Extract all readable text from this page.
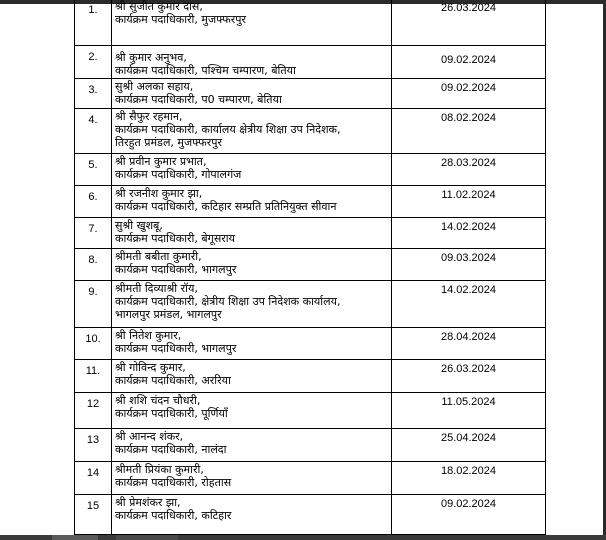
1.	श्री सुजीत कुमार दास,
कार्यक्रम पदाधिकारी, मुजफ्फरपुर	26.03.2024
2.	श्री कुमार अनुभव,
कार्यक्रम पदाधिकारी, पश्चिम चम्पारण, बेतिया	09.02.2024
3.	सुश्री अलका सहाय,
कार्यक्रम पदाधिकारी, प0 चम्पारण, बेतिया	09.02.2024
4.	श्री सैफुर रहमान,
कार्यक्रम पदाधिकारी, कार्यालय क्षेत्रीय शिक्षा उप निदेशक,
तिरहुत प्रमंडल, मुजफ्फरपुर	08.02.2024
5.	श्री प्रवीन कुमार प्रभात,
कार्यक्रम पदाधिकारी, गोपालगंज	28.03.2024
6.	श्री रजनीश कुमार झा,
कार्यक्रम पदाधिकारी, कटिहार सम्प्रति प्रतिनियुक्त सीवान	11.02.2024
7.	सुश्री खुशबू,
कार्यक्रम पदाधिकारी, बेगूसराय	14.02.2024
8.	श्रीमती बबीता कुमारी,
कार्यक्रम पदाधिकारी, भागलपुर	09.03.2024
9.	श्रीमती दिव्याश्री रॉय,
कार्यक्रम पदाधिकारी, क्षेत्रीय शिक्षा उप निदेशक कार्यालय,
भागलपुर प्रमंडल, भागलपुर	14.02.2024
10.	श्री नितेश कुमार,
कार्यक्रम पदाधिकारी, भागलपुर	28.04.2024
11.	श्री गोविन्द कुमार,
कार्यक्रम पदाधिकारी, अररिया	26.03.2024
12	श्री शशि चंदन चौधरी,
कार्यक्रम पदाधिकारी, पूर्णियाँ	11.05.2024
13	श्री आनन्द शंकर,
कार्यक्रम पदाधिकारी, नालंदा	25.04.2024
14	श्रीमती प्रियंका कुमारी,
कार्यक्रम पदाधिकारी, रोहतास	18.02.2024
15	श्री प्रेमशंकर झा,
कार्यक्रम पदाधिकारी, कटिहार	09.02.2024
